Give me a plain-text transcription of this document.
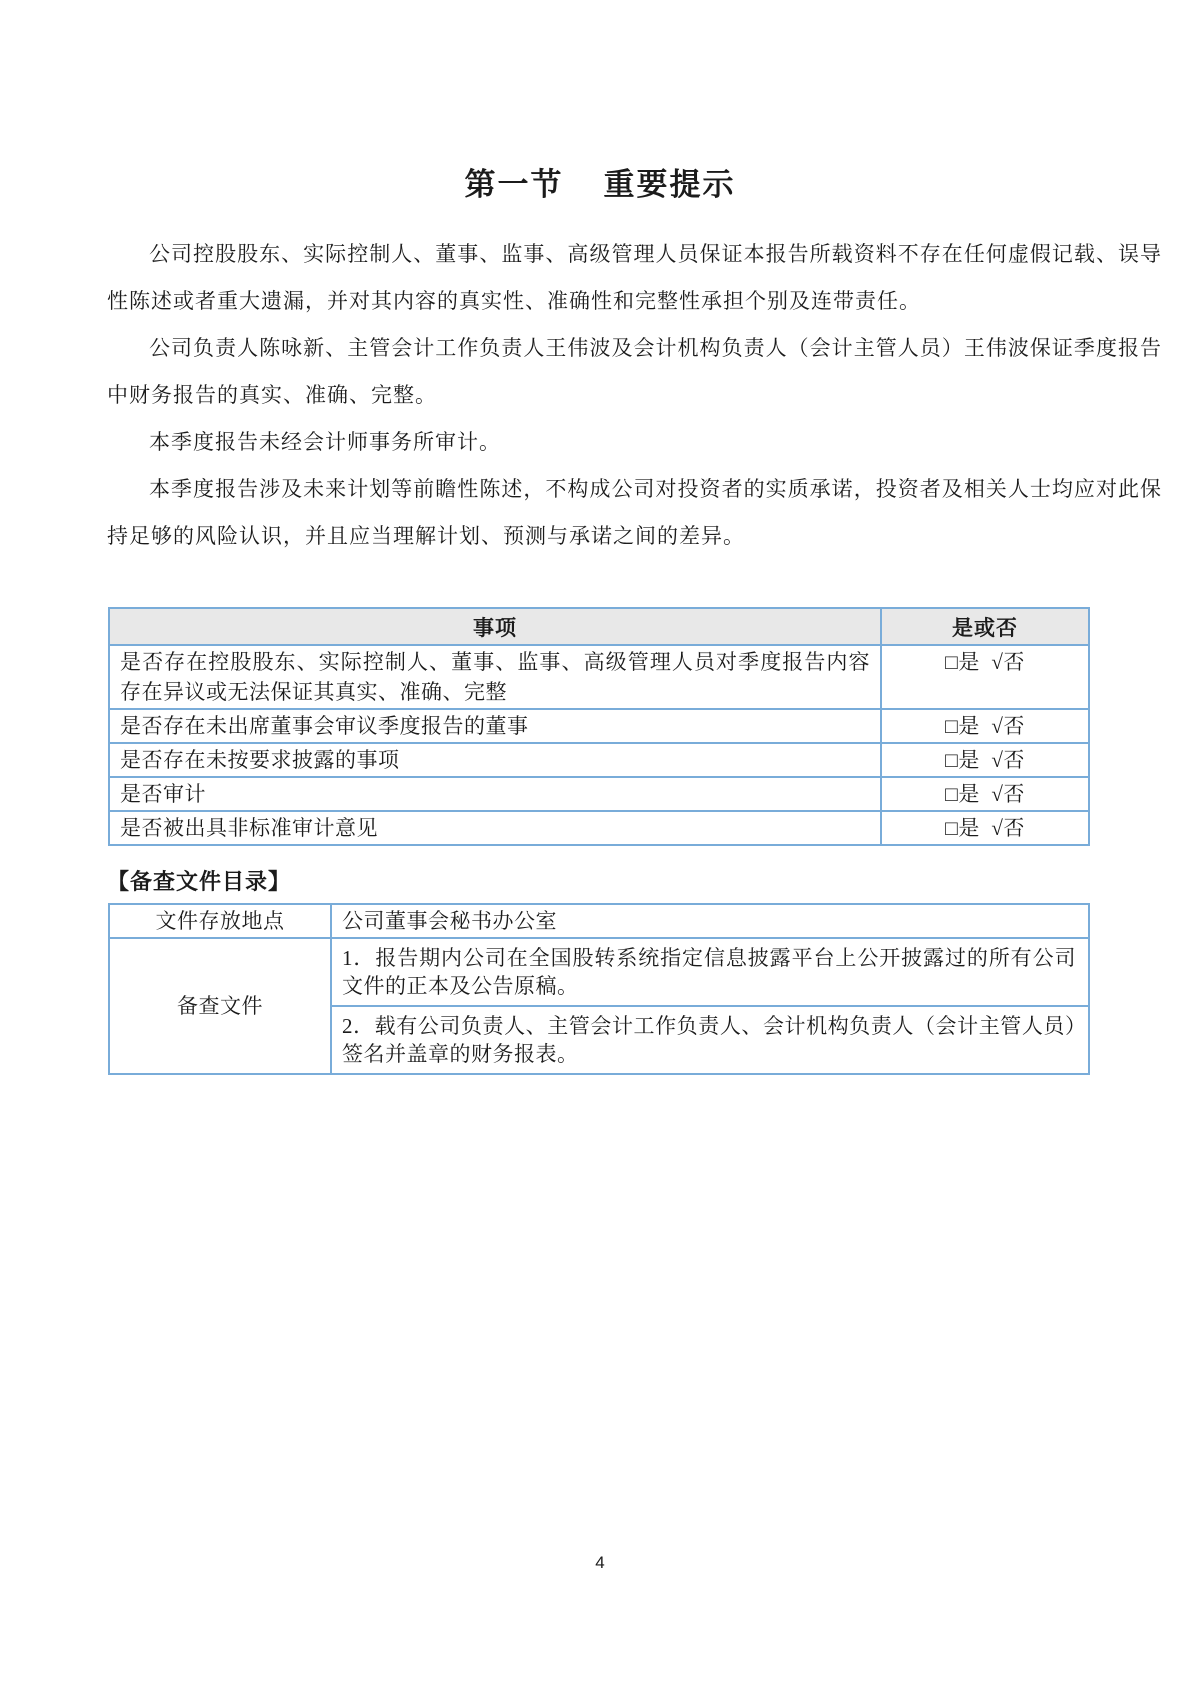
第一节 重要提示

公司控股股东、实际控制人、董事、监事、高级管理人员保证本报告所载资料不存在任何虚假记载、误导性陈述或者重大遗漏，并对其内容的真实性、准确性和完整性承担个别及连带责任。

公司负责人陈咏新、主管会计工作负责人王伟波及会计机构负责人（会计主管人员）王伟波保证季度报告中财务报告的真实、准确、完整。

本季度报告未经会计师事务所审计。

本季度报告涉及未来计划等前瞻性陈述，不构成公司对投资者的实质承诺，投资者及相关人士均应对此保持足够的风险认识，并且应当理解计划、预测与承诺之间的差异。

事项	是或否
是否存在控股股东、实际控制人、董事、监事、高级管理人员对季度报告内容存在异议或无法保证其真实、准确、完整	□是  √否
是否存在未出席董事会审议季度报告的董事	□是  √否
是否存在未按要求披露的事项	□是  √否
是否审计	□是  √否
是否被出具非标准审计意见	□是  √否
【备查文件目录】
文件存放地点	公司董事会秘书办公室
备查文件	1．报告期内公司在全国股转系统指定信息披露平台上公开披露过的所有公司文件的正本及公告原稿。
	2．载有公司负责人、主管会计工作负责人、会计机构负责人（会计主管人员）签名并盖章的财务报表。
4
